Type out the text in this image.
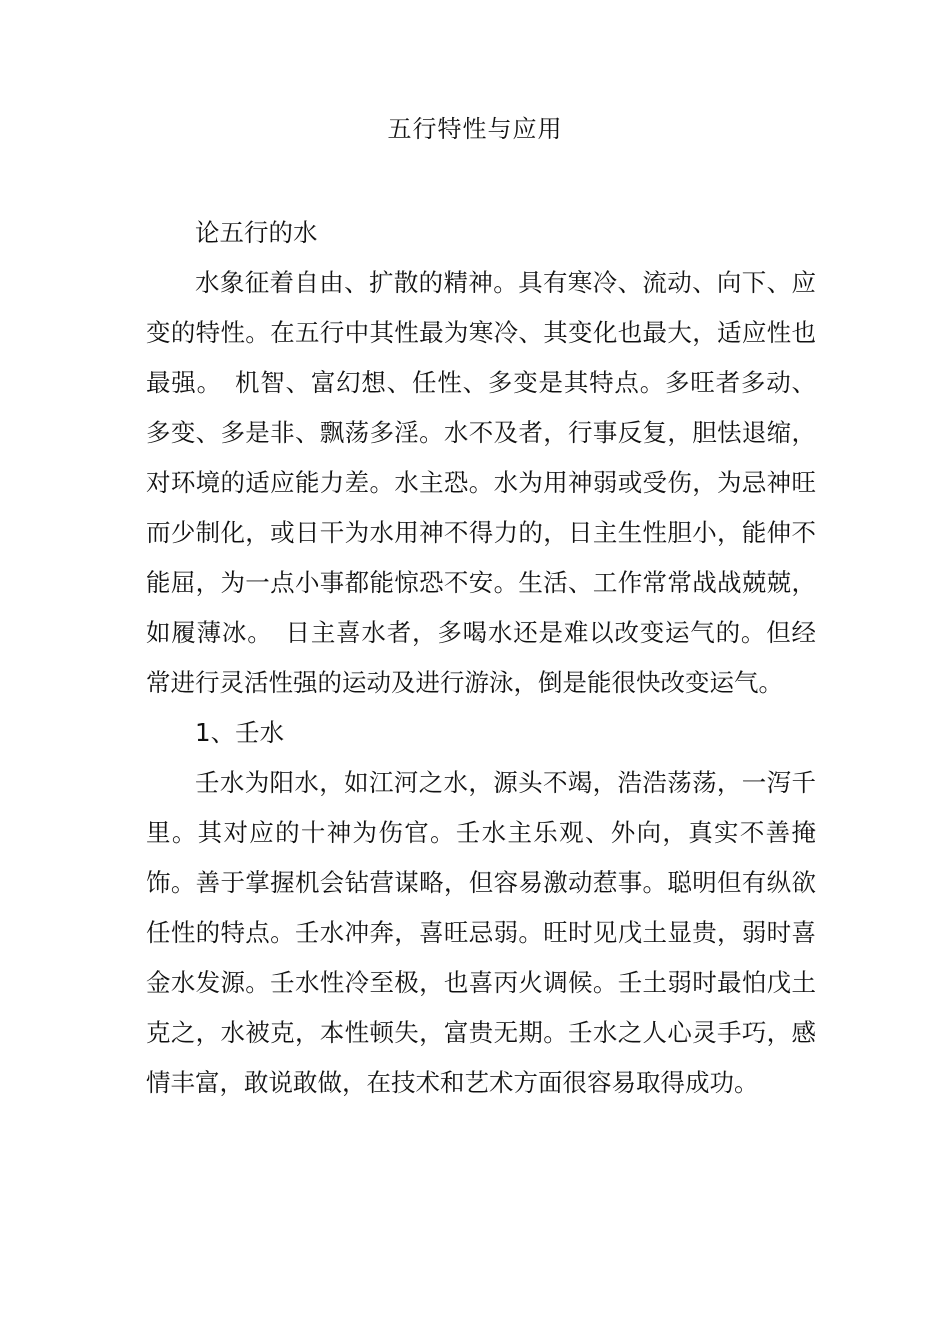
五行特性与应用

论五行的水

水象征着自由、扩散的精神。具有寒冷、流动、向下、应变的特性。在五行中其性最为寒冷、其变化也最大，适应性也最强。　机智、富幻想、任性、多变是其特点。多旺者多动、多变、多是非、飘荡多淫。水不及者，行事反复，胆怯退缩，对环境的适应能力差。水主恐。水为用神弱或受伤，为忌神旺而少制化，或日干为水用神不得力的，日主生性胆小，能伸不能屈，为一点小事都能惊恐不安。生活、工作常常战战兢兢，如履薄冰。　日主喜水者，多喝水还是难以改变运气的。但经常进行灵活性强的运动及进行游泳，倒是能很快改变运气。

1、壬水

壬水为阳水，如江河之水，源头不竭，浩浩荡荡，一泻千里。其对应的十神为伤官。壬水主乐观、外向，真实不善掩饰。善于掌握机会钻营谋略，但容易激动惹事。聪明但有纵欲任性的特点。壬水冲奔，喜旺忌弱。旺时见戊土显贵，弱时喜金水发源。壬水性冷至极，也喜丙火调候。壬土弱时最怕戊土克之，水被克，本性顿失，富贵无期。壬水之人心灵手巧，感情丰富，敢说敢做，在技术和艺术方面很容易取得成功。
